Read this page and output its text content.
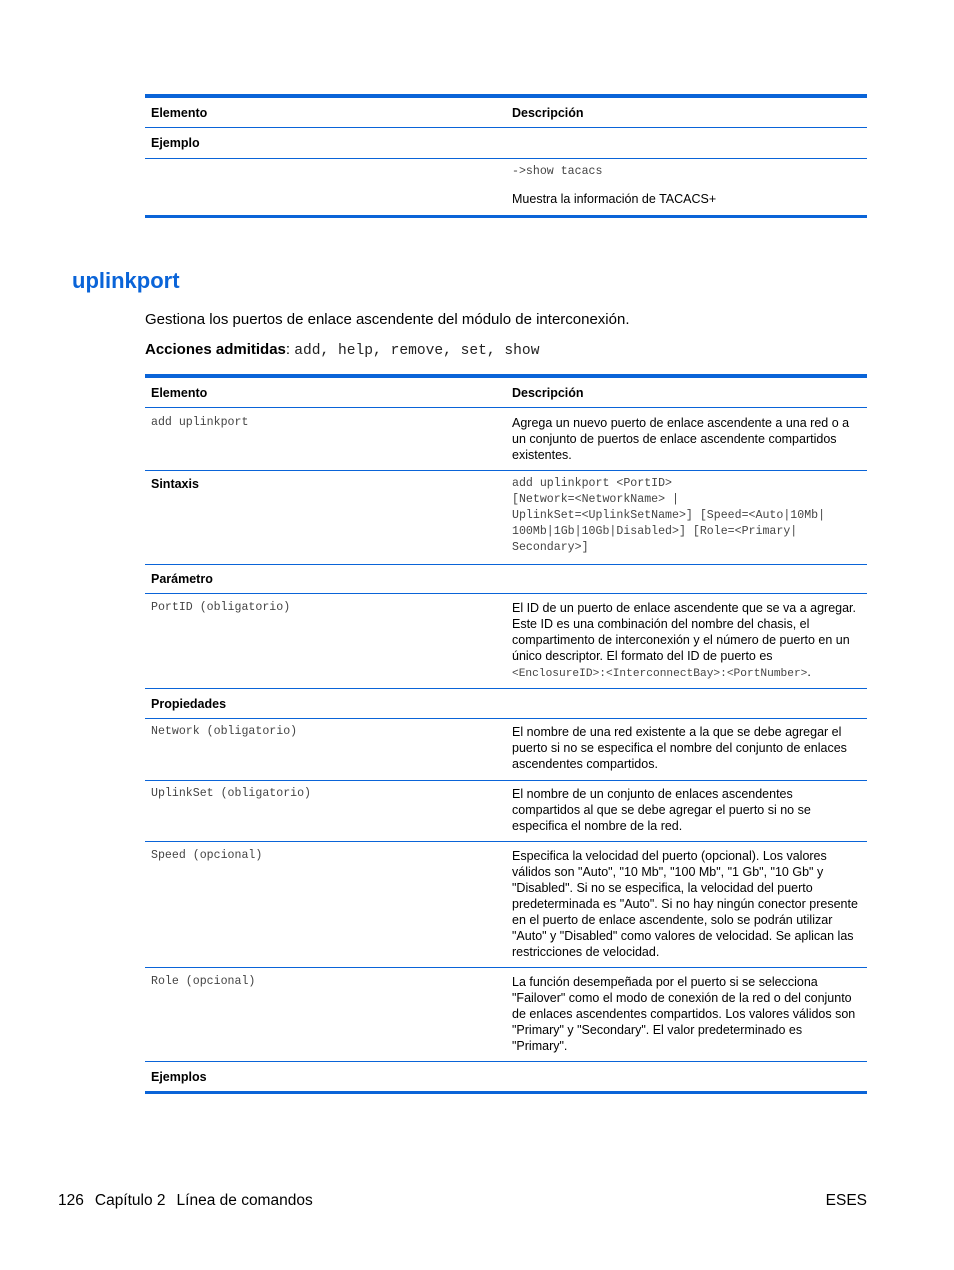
Elemento	Descripción
Ejemplo
->show tacacs
Muestra la información de TACACS+
uplinkport
Gestiona los puertos de enlace ascendente del módulo de interconexión.
Acciones admitidas: add, help, remove, set, show
Elemento	Descripción
add uplinkport	Agrega un nuevo puerto de enlace ascendente a una red o a un conjunto de puertos de enlace ascendente compartidos existentes.
Sintaxis	add uplinkport <PortID>
[Network=<NetworkName> |
UplinkSet=<UplinkSetName>] [Speed=<Auto|10Mb|
100Mb|1Gb|10Gb|Disabled>] [Role=<Primary|
Secondary>]
Parámetro
PortID (obligatorio)	El ID de un puerto de enlace ascendente que se va a agregar. Este ID es una combinación del nombre del chasis, el compartimento de interconexión y el número de puerto en un único descriptor. El formato del ID de puerto es <EnclosureID>:<InterconnectBay>:<PortNumber>.
Propiedades
Network (obligatorio)	El nombre de una red existente a la que se debe agregar el puerto si no se especifica el nombre del conjunto de enlaces ascendentes compartidos.
UplinkSet (obligatorio)	El nombre de un conjunto de enlaces ascendentes compartidos al que se debe agregar el puerto si no se especifica el nombre de la red.
Speed (opcional)	Especifica la velocidad del puerto (opcional). Los valores válidos son "Auto", "10 Mb", "100 Mb", "1 Gb", "10 Gb" y "Disabled". Si no se especifica, la velocidad del puerto predeterminada es "Auto". Si no hay ningún conector presente en el puerto de enlace ascendente, solo se podrán utilizar "Auto" y "Disabled" como valores de velocidad. Se aplican las restricciones de velocidad.
Role (opcional)	La función desempeñada por el puerto si se selecciona "Failover" como el modo de conexión de la red o del conjunto de enlaces ascendentes compartidos. Los valores válidos son "Primary" y "Secondary". El valor predeterminado es "Primary".
Ejemplos
126 Capítulo 2 Línea de comandos	ESES
